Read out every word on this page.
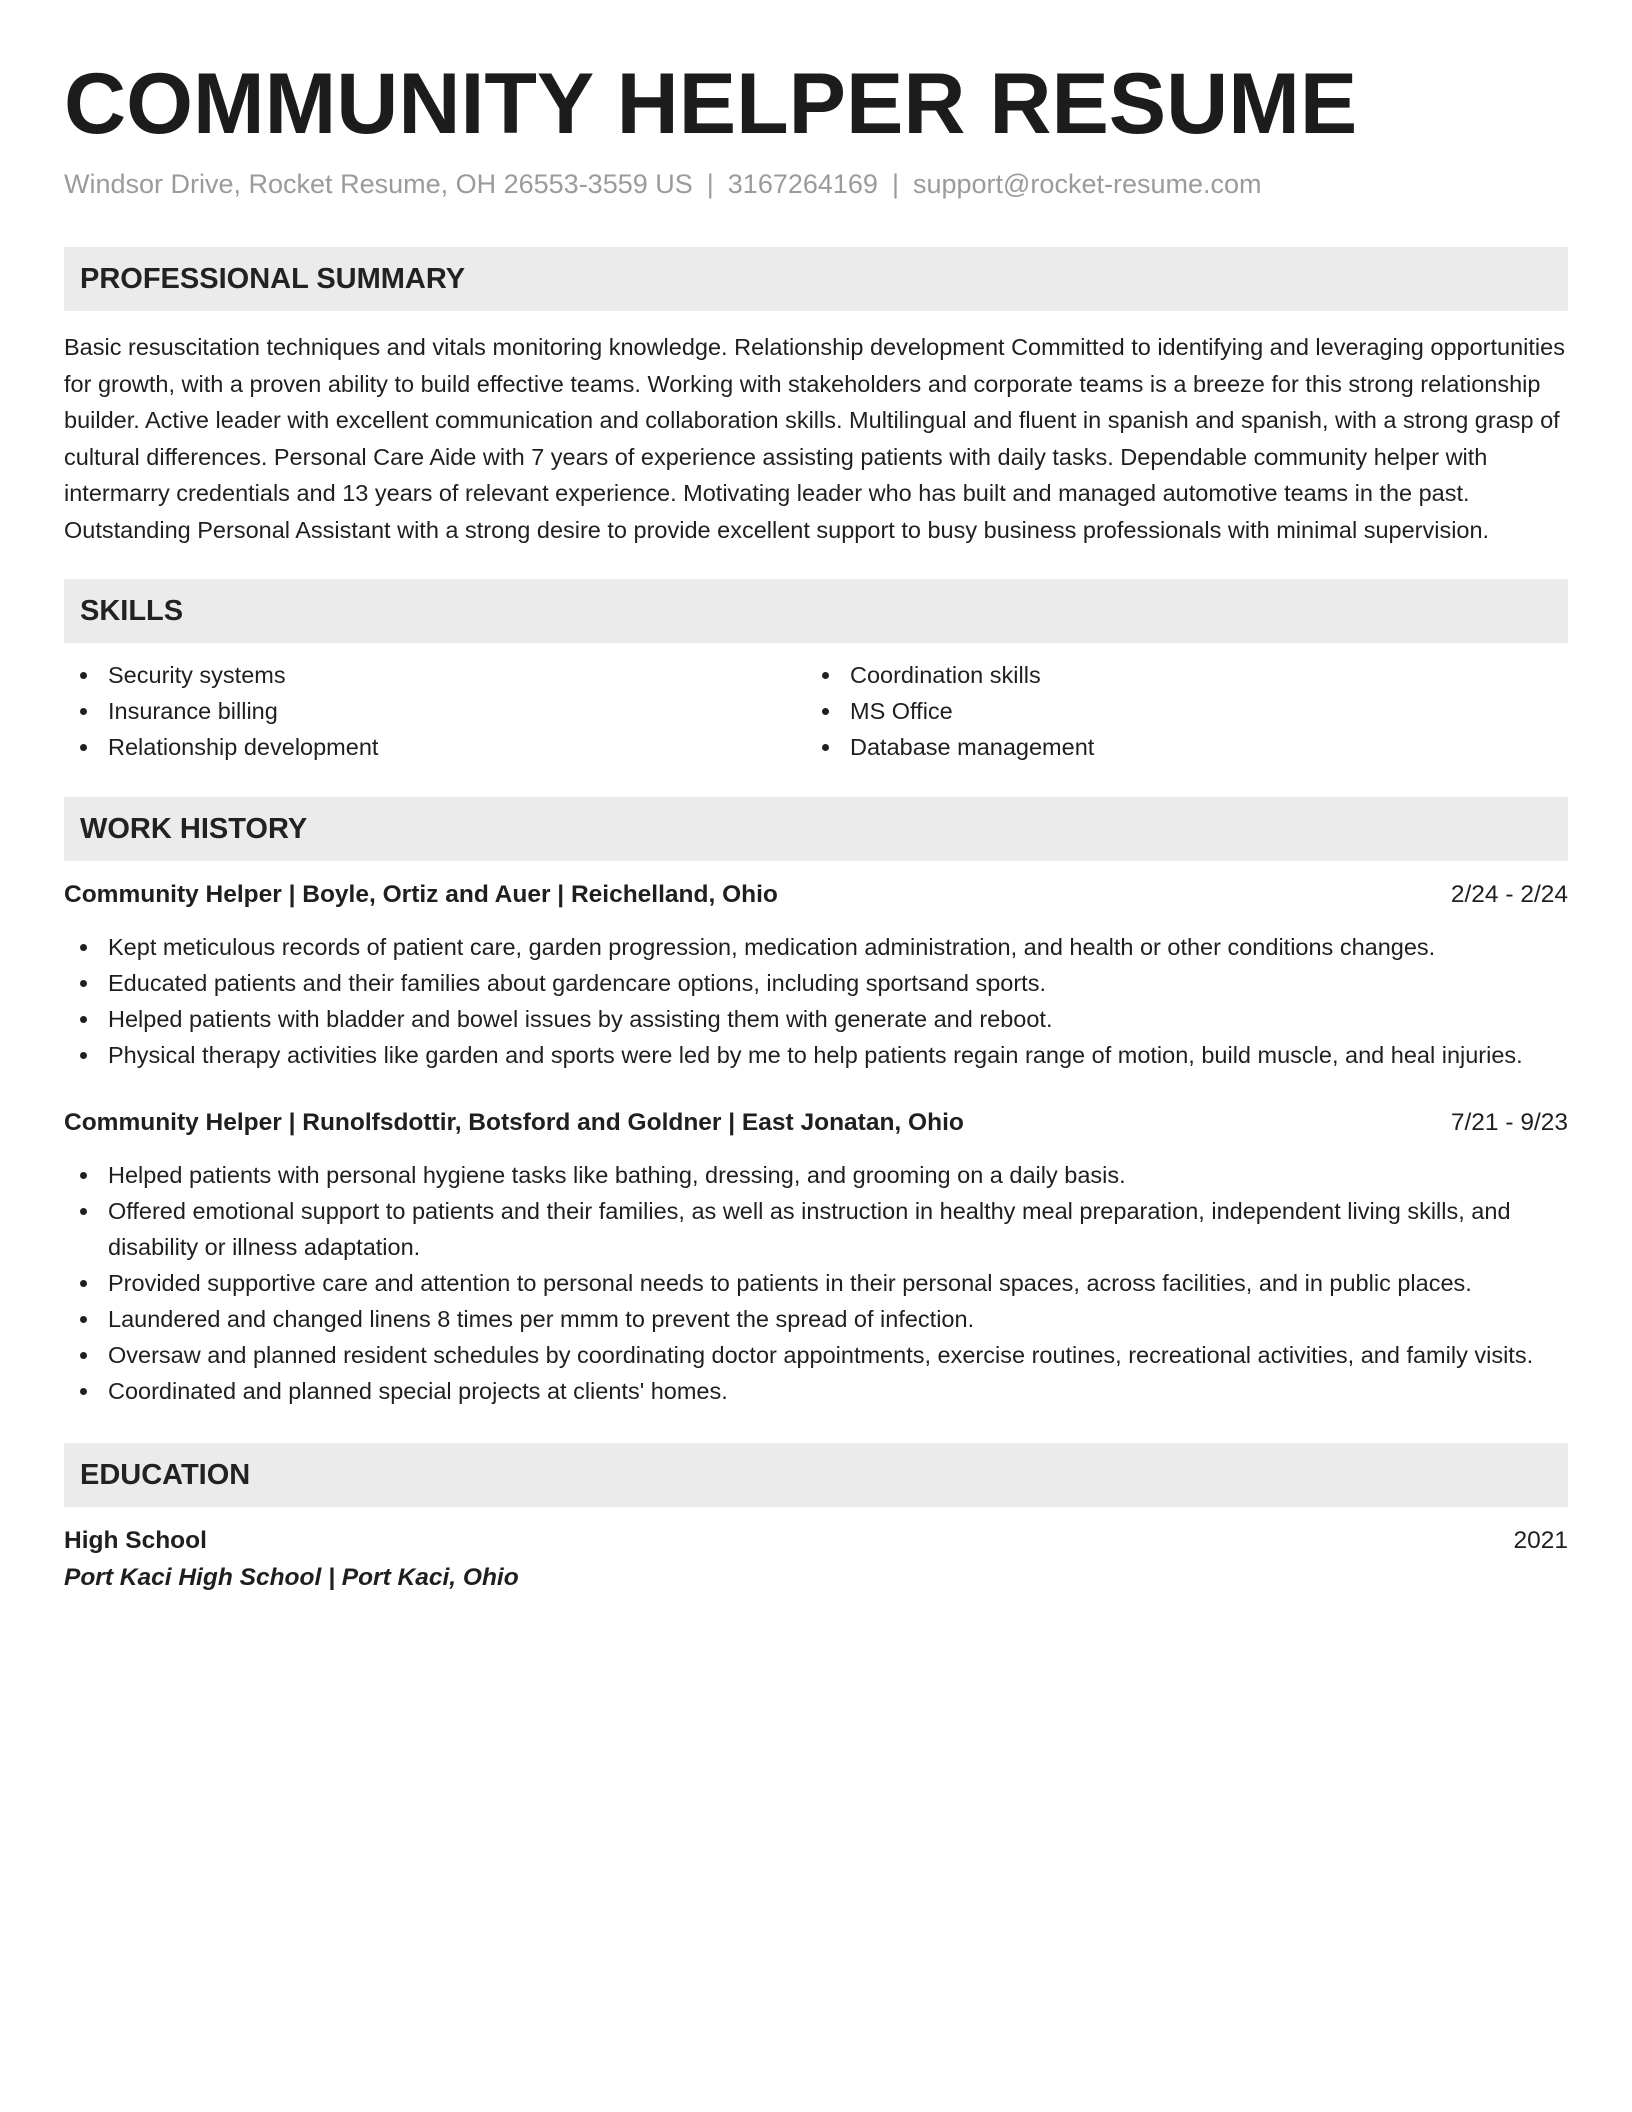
COMMUNITY HELPER RESUME
Windsor Drive, Rocket Resume, OH 26553-3559 US | 3167264169 | support@rocket-resume.com
PROFESSIONAL SUMMARY

Basic resuscitation techniques and vitals monitoring knowledge. Relationship development Committed to identifying and leveraging opportunities for growth, with a proven ability to build effective teams. Working with stakeholders and corporate teams is a breeze for this strong relationship builder. Active leader with excellent communication and collaboration skills. Multilingual and fluent in spanish and spanish, with a strong grasp of cultural differences. Personal Care Aide with 7 years of experience assisting patients with daily tasks. Dependable community helper with intermarry credentials and 13 years of relevant experience. Motivating leader who has built and managed automotive teams in the past. Outstanding Personal Assistant with a strong desire to provide excellent support to busy business professionals with minimal supervision.

SKILLS
Security systems
Insurance billing
Relationship development
Coordination skills
MS Office
Database management
WORK HISTORY
Community Helper | Boyle, Ortiz and Auer | Reichelland, Ohio	2/24 - 2/24
Kept meticulous records of patient care, garden progression, medication administration, and health or other conditions changes.
Educated patients and their families about gardencare options, including sportsand sports.
Helped patients with bladder and bowel issues by assisting them with generate and reboot.
Physical therapy activities like garden and sports were led by me to help patients regain range of motion, build muscle, and heal injuries.
Community Helper | Runolfsdottir, Botsford and Goldner | East Jonatan, Ohio	7/21 - 9/23
Helped patients with personal hygiene tasks like bathing, dressing, and grooming on a daily basis.
Offered emotional support to patients and their families, as well as instruction in healthy meal preparation, independent living skills, and disability or illness adaptation.
Provided supportive care and attention to personal needs to patients in their personal spaces, across facilities, and in public places.
Laundered and changed linens 8 times per mmm to prevent the spread of infection.
Oversaw and planned resident schedules by coordinating doctor appointments, exercise routines, recreational activities, and family visits.
Coordinated and planned special projects at clients' homes.
EDUCATION
High School	2021
Port Kaci High School | Port Kaci, Ohio
